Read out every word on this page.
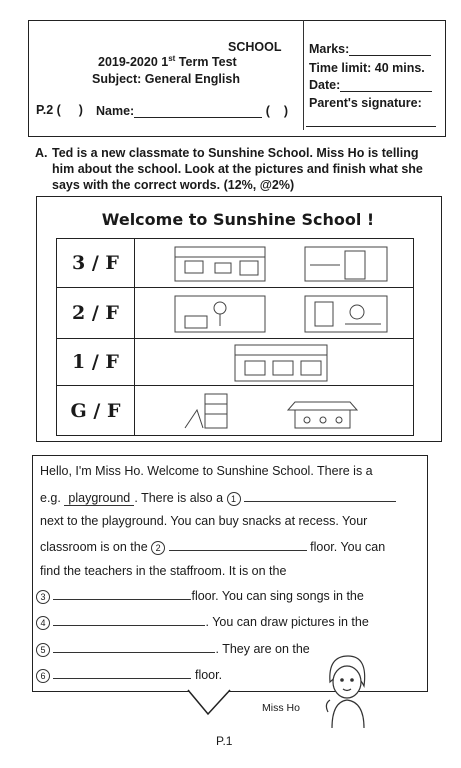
SCHOOL
2019-2020 1st Term Test
Subject: General English
P.2 ( ) Name:	( )
Marks:
Time limit: 40 mins.
Date:
Parent's signature:
A. Ted is a new classmate to Sunshine School. Miss Ho is telling
him about the school. Look at the pictures and finish what she
says with the correct words. (12%, @2%)
Welcome to Sunshine School !
3 / F
2 / F
1 / F
G / F
Hello, I'm Miss Ho. Welcome to Sunshine School. There is a
e.g. playground . There is also a 1
next to the playground. You can buy snacks at recess. Your
classroom is on the 2	floor. You can
find the teachers in the staffroom. It is on the
3	floor. You can sing songs in the
4	. You can draw pictures in the
5	. They are on the
6	floor.
Miss Ho
P.1
